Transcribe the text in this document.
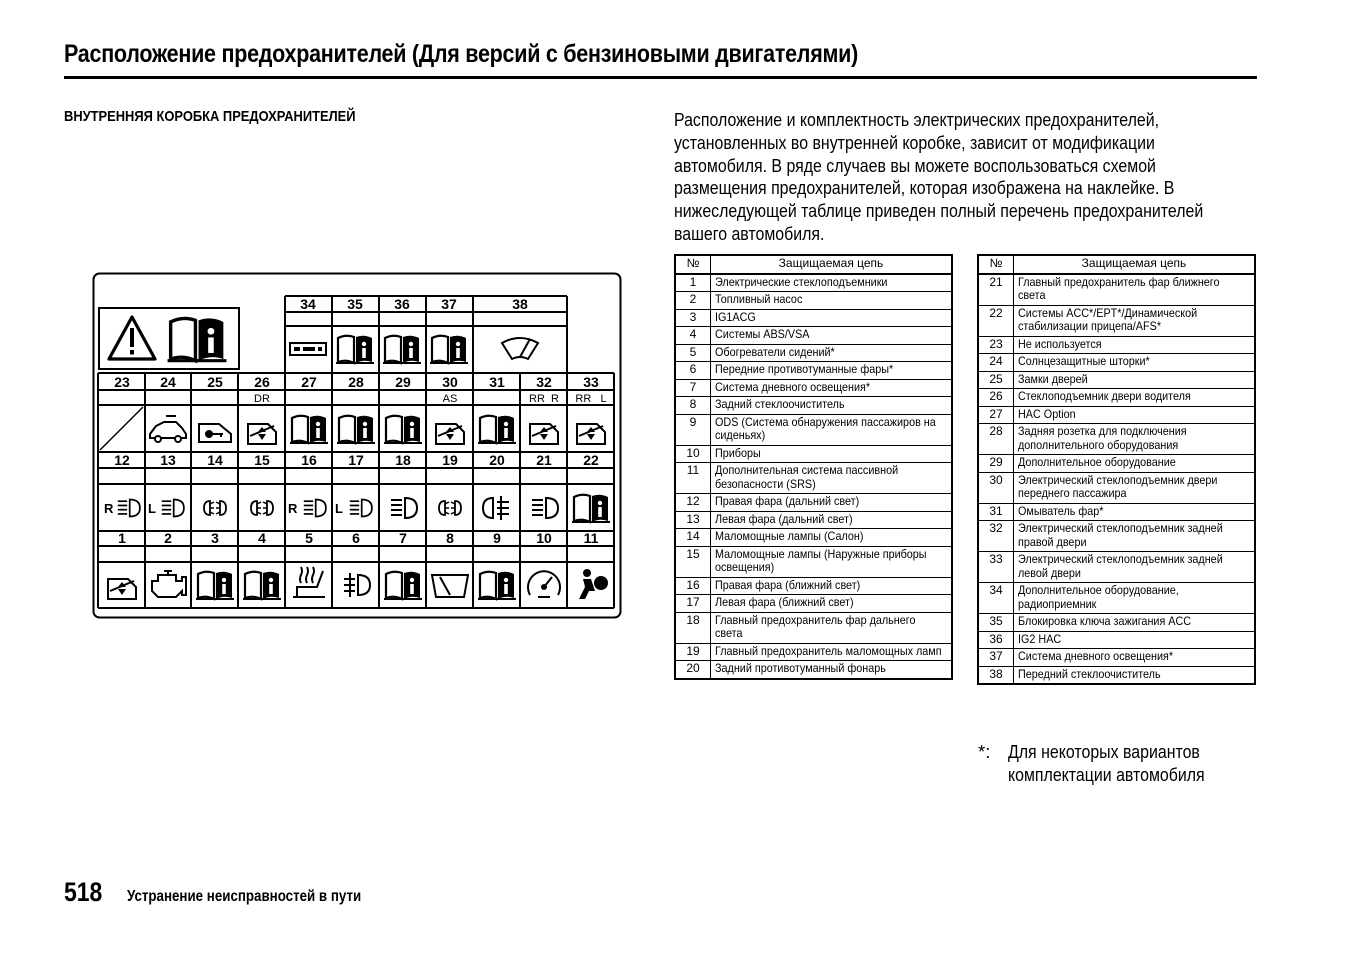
Расположение предохранителей (Для версий с бензиновыми двигателями)
ВНУТРЕННЯЯ КОРОБКА ПРЕДОХРАНИТЕЛЕЙ	Расположение и комплектность электрических предохранителей,
установленных во внутренней коробке, зависит от модификации
автомобиля. В ряде случаев вы можете воспользоваться схемой
размещения предохранителей, которая изображена на наклейке. В
нижеследующей таблице приведен полный перечень предохранителей
вашего автомобиля.
34 35 36 37	38
23 24 25 26 27 28 29 30 31 32 33
DR	AS	RR  R RR   L
12 13 14 15 16 17 18 19 20 21 22
R	L	R	L
1	2	3	4	5	6	7	8	9	10 11
№	Защищаемая цепь
1	Электрические стеклоподъемники

2	Топливный насос

3	IG1ACG

4	Системы ABS/VSA

5	Обогреватели сидений*

6	Передние противотуманные фары*

7	Система дневного освещения*

8	Задний стеклоочиститель

9	ODS (Система обнаружения пассажиров на сиденьях)

10	Приборы

11	Дополнительная система пассивной безопасности (SRS)

12	Правая фара (дальний свет)

13	Левая фара (дальний свет)

14	Маломощные лампы (Салон)

15	Маломощные лампы (Наружные приборы освещения)

16	Правая фара (ближний свет)

17	Левая фара (ближний свет)

18	Главный предохранитель фар дальнего света

19	Главный предохранитель маломощных ламп

20	Задний противотуманный фонарь
№	Защищаемая цепь
21	Главный предохранитель фар ближнего света

22	Системы ACC*/EPT*/Динамической стабилизации прицепа/AFS*

23	Не используется

24	Солнцезащитные шторки*

25	Замки дверей

26	Стеклоподъемник двери водителя

27	HAC Option

28	Задняя розетка для подключения дополнительного оборудования

29	Дополнительное оборудование

30	Электрический стеклоподъемник двери переднего пассажира

31	Омыватель фар*

32	Электрический стеклоподъемник задней правой двери

33	Электрический стеклоподъемник задней левой двери

34	Дополнительное оборудование, радиоприемник

35	Блокировка ключа зажигания ACC

36	IG2 HAC

37	Система дневного освещения*

38	Передний стеклоочиститель
*: Для некоторых вариантов
комплектации автомобиля
518 Устранение неисправностей в пути
